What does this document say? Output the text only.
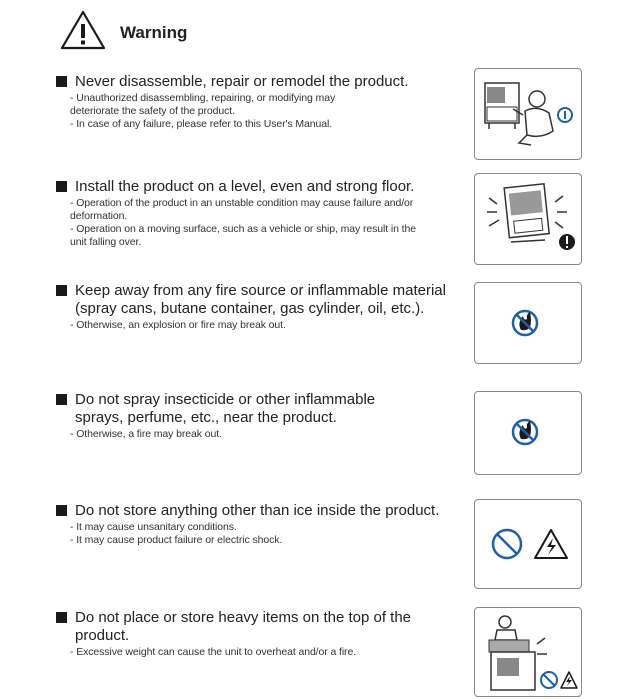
Warning
Never disassemble, repair or remodel the product.
- Unauthorized disassembling, repairing, or modifying may
deteriorate the safety of the product.
- In case of any failure, please refer to this User's Manual.
Install the product on a level, even and strong floor.
- Operation of the product in an unstable condition may cause failure and/or
deformation.
- Operation on a moving surface, such as a vehicle or ship, may result in the
unit falling over.
Keep away from any fire source or inflammable material
(spray cans, butane container, gas cylinder, oil, etc.).
- Otherwise, an explosion or fire may break out.
Do not spray insecticide or other inflammable
sprays, perfume, etc., near the product.
- Otherwise, a fire may break out.
Do not store anything other than ice inside the product.
- It may cause unsanitary conditions.
- It may cause product failure or electric shock.
Do not place or store heavy items on the top of the
product.
- Excessive weight can cause the unit to overheat and/or a fire.
